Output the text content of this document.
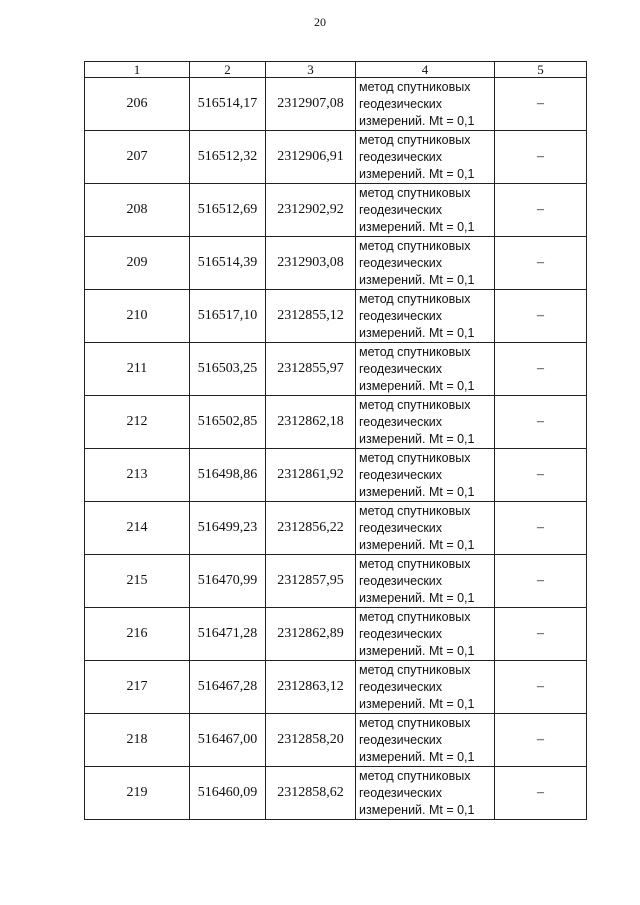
20
1	2	3	4	5
206	516514,17	2312907,08	метод спутниковых
геодезических
измерений. Mt = 0,1	–
207	516512,32	2312906,91	метод спутниковых
геодезических
измерений. Mt = 0,1	–
208	516512,69	2312902,92	метод спутниковых
геодезических
измерений. Mt = 0,1	–
209	516514,39	2312903,08	метод спутниковых
геодезических
измерений. Mt = 0,1	–
210	516517,10	2312855,12	метод спутниковых
геодезических
измерений. Mt = 0,1	–
211	516503,25	2312855,97	метод спутниковых
геодезических
измерений. Mt = 0,1	–
212	516502,85	2312862,18	метод спутниковых
геодезических
измерений. Mt = 0,1	–
213	516498,86	2312861,92	метод спутниковых
геодезических
измерений. Mt = 0,1	–
214	516499,23	2312856,22	метод спутниковых
геодезических
измерений. Mt = 0,1	–
215	516470,99	2312857,95	метод спутниковых
геодезических
измерений. Mt = 0,1	–
216	516471,28	2312862,89	метод спутниковых
геодезических
измерений. Mt = 0,1	–
217	516467,28	2312863,12	метод спутниковых
геодезических
измерений. Mt = 0,1	–
218	516467,00	2312858,20	метод спутниковых
геодезических
измерений. Mt = 0,1	–
219	516460,09	2312858,62	метод спутниковых
геодезических
измерений. Mt = 0,1	–
